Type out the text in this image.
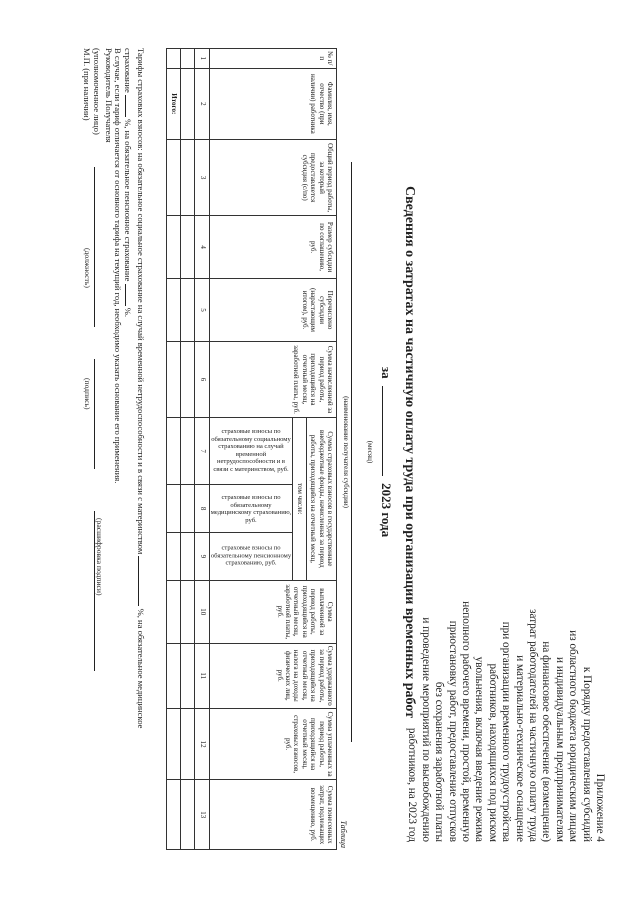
Приложение 4
к Порядку предоставления субсидий
из областного бюджета юридическим лицам
и индивидуальным предпринимателям
на финансовое обеспечение (возмещение)
затрат работодателей на частичную оплату труда
и материально-техническое оснащение
при организации временного трудоустройства
работников, находящихся под риском
увольнения, включая введение режима
неполного рабочего времени, простой, временную
приостановку работ, предоставление отпусков
без сохранения заработной платы
и проведение мероприятий по высвобождению
работников, на 2023 год
Сведения о затратах на частичную оплату труда при организации временных работ
за  2023 года
(месяц)
(наименование получателя субсидии)
Таблица
№ п/п	Фамилия, имя, отчество (при наличии) работника	Общий период работы, за который предоставляется субсидия (с/по)	Размер субсидии по соглашению, руб.	Перечислено субсидии (нарастающим итогом), руб.	Сумма начисленной за период работы, приходящийся на отчетный месяц, заработной платы, руб.	Сумма страховых взносов в государственные внебюджетные фонды, начисленная за период работы, приходящийся на отчетный месяц,			Сумма выплаченной за период работы, приходящийся на отчетный месяц, заработной платы, руб.	Сумма удержанного за период работы, приходящийся на отчетный месяц, налога на доходы физических лиц, руб.	Сумма уплаченных за период работы, приходящийся на отчетный месяц, страховых взносов, руб.	Сумма понесенных затрат, подлежащих возмещению, руб.
						том числе:						

						страховые взносы по обязательному социальному страхованию на случай временной нетрудоспособности и в связи с материнством, руб.	страховые взносы по обязательному медицинскому страхованию, руб.	страховые взносы по обязательному пенсионному страхованию, руб.				

1	2	3	4	5	6	7	8	9	10	11	12	13

	Итого:											
Тарифы страховых взносов: на обязательное социальное страхование на случай временной нетрудоспособности и в связи с материнством  %, на обязательное медицинское
страхование  %, на обязательное пенсионное страхование  %.
В случае, если тариф отличается от основного тарифа на текущий год, необходимо указать основание его применения.
Руководитель Получателя
(уполномоченное лицо)
М.П. (при наличии)
(должность)
(подпись)
(расшифровка подписи)
